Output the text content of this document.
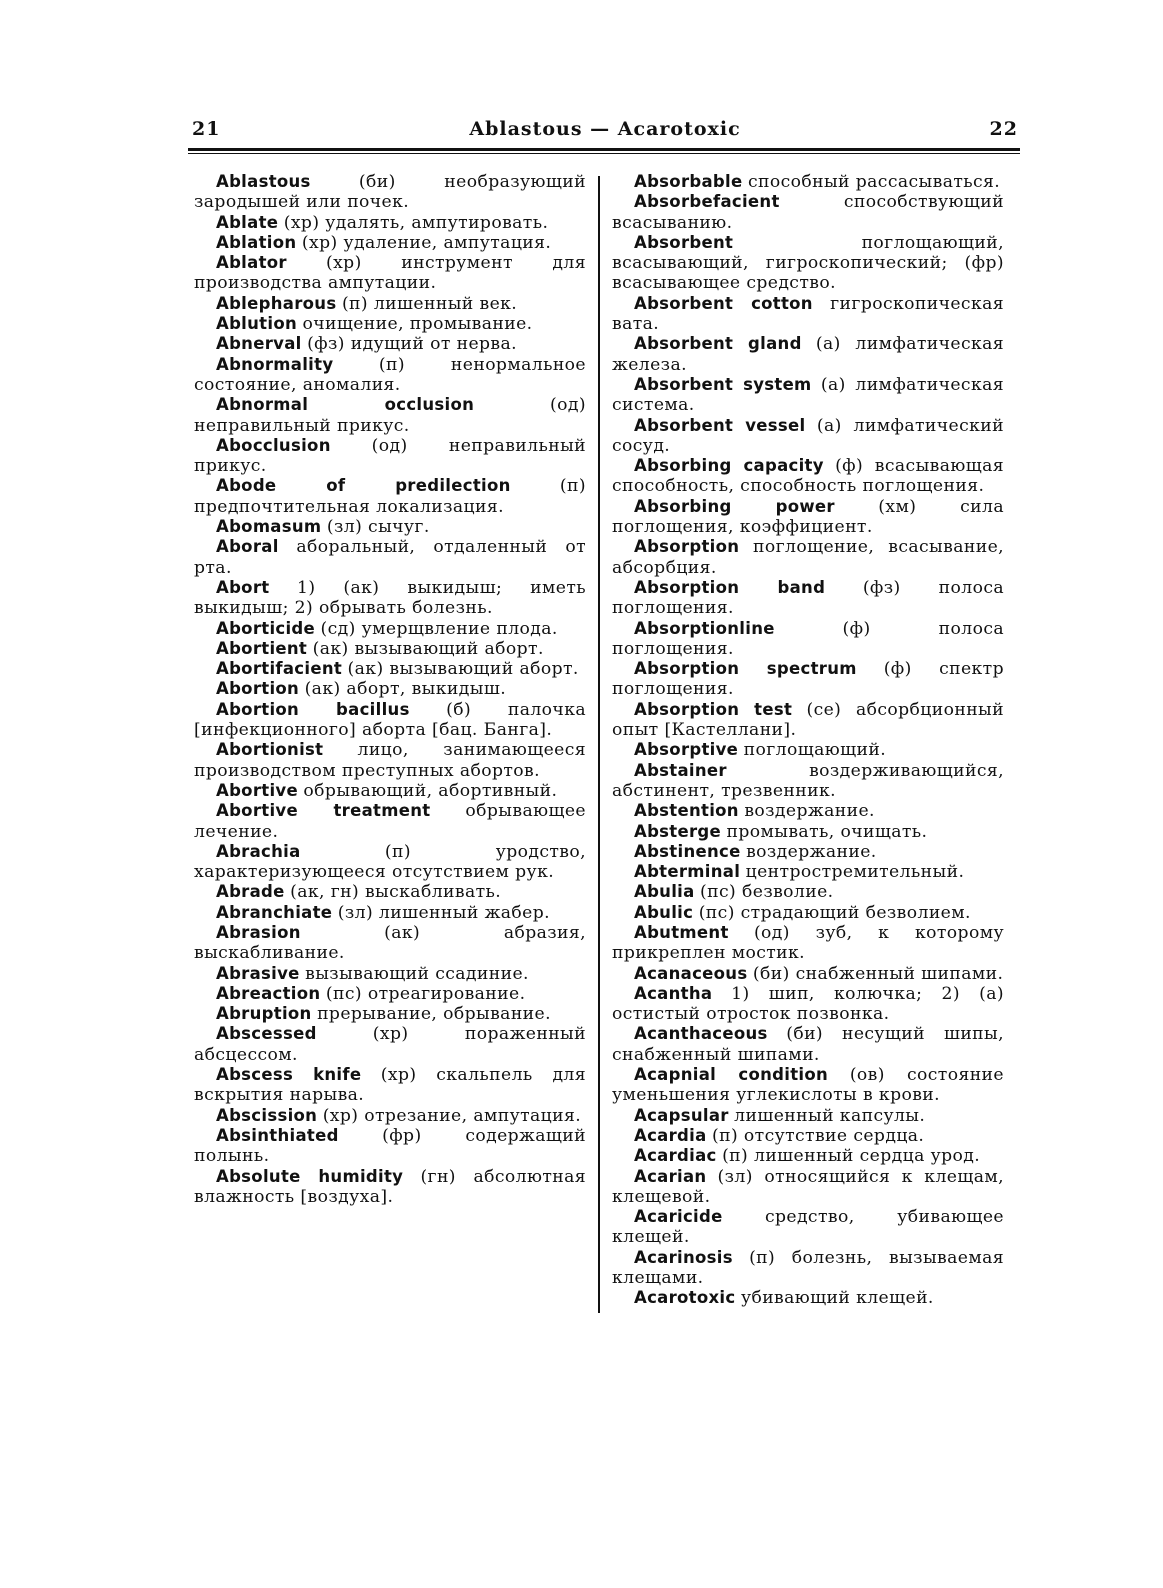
21	Ablastous — Acarotoxic	22

Ablastous	(би) необразующий зародышей или почек.

Ablate (хр) удалять, ампутировать.

Ablation (хр) удаление, ампутация.

Ablator (хр) инструмент для производства ампутации.

Ablepharous (п) лишенный век.

Ablution очищение, промывание.

Abnerval (фз) идущий от нерва.

Abnormality	(п) ненормальное состояние, аномалия.

Abnormal occlusion	(од) неправильный прикус.

Abocclusion (од) неправильный прикус.

Abode of predilection	(п) предпочтительная локализация.

Abomasum (зл) сычуг.

Aboral аборальный, отдаленный от рта.

Abort 1) (ак) выкидыш; иметь выкидыш; 2) обрывать болезнь.

Aborticide (сд) умерщвление плода.

Abortient (ак) вызывающий аборт.

Abortifacient (ак) вызывающий аборт.

Abortion (ак) аборт, выкидыш.

Abortion bacillus (б) палочка [инфекционного] аборта [бац. Банга].

Abortionist лицо, занимающееся производством преступных абортов.

Abortive обрывающий, абортивный.

Abortive treatment обрывающее лечение.

Abrachia	(п) уродство, характеризующееся отсутствием рук.

Abrade (ак, гн) выскабливать.

Abranchiate (зл) лишенный жабер.

Abrasion	(ак) абразия, выскабливание.

Abrasive вызывающий ссадиние.

Abreaction (пс) отреагирование.

Abruption прерывание, обрывание.

Abscessed	(хр) пораженный абсцессом.

Abscess knife (хр) скальпель для вскрытия нарыва.

Abscission (хр) отрезание, ампутация.

Absinthiated	(фр) содержащий полынь.

Absolute humidity (гн) абсолютная влажность [воздуха].

Absorbable способный рассасываться.

Absorbefacient	способствующий всасыванию.

Absorbent	поглощающий, всасывающий, гигроскопический; (фр) всасывающее средство.

Absorbent cotton гигроскопическая вата.

Absorbent gland (а) лимфатическая железа.

Absorbent system (а) лимфатическая система.

Absorbent vessel (а) лимфатический сосуд.

Absorbing capacity (ф) всасывающая способность, способность поглощения.

Absorbing power	(хм) сила поглощения, коэффициент.

Absorption поглощение, всасывание, абсорбция.

Absorption band (фз) полоса поглощения.

Absorptionline	(ф) полоса поглощения.

Absorption spectrum (ф) спектр поглощения.

Absorption test (се) абсорбционный опыт [Кастеллани].

Absorptive поглощающий.

Abstainer	воздерживающийся, абстинент, трезвенник.

Abstention воздержание.

Absterge промывать, очищать.

Abstinence воздержание.

Abterminal центростремительный.

Abulia (пс) безволие.

Abulic (пс) страдающий безволием.

Abutment (од) зуб, к которому прикреплен мостик.

Acanaceous (би) снабженный шипами.

Acantha 1) шип, колючка; 2) (а) остистый отросток позвонка.

Acanthaceous (би) несущий шипы, снабженный шипами.

Acapnial condition (ов) состояние уменьшения углекислоты в крови.

Acapsular лишенный капсулы.

Acardia (п) отсутствие сердца.

Acardiac (п) лишенный сердца урод.

Acarian (зл) относящийся к клещам, клещевой.

Acaricide средство, убивающее клещей.

Acarinosis (п) болезнь, вызываемая клещами.

Acarotoxic убивающий клещей.
